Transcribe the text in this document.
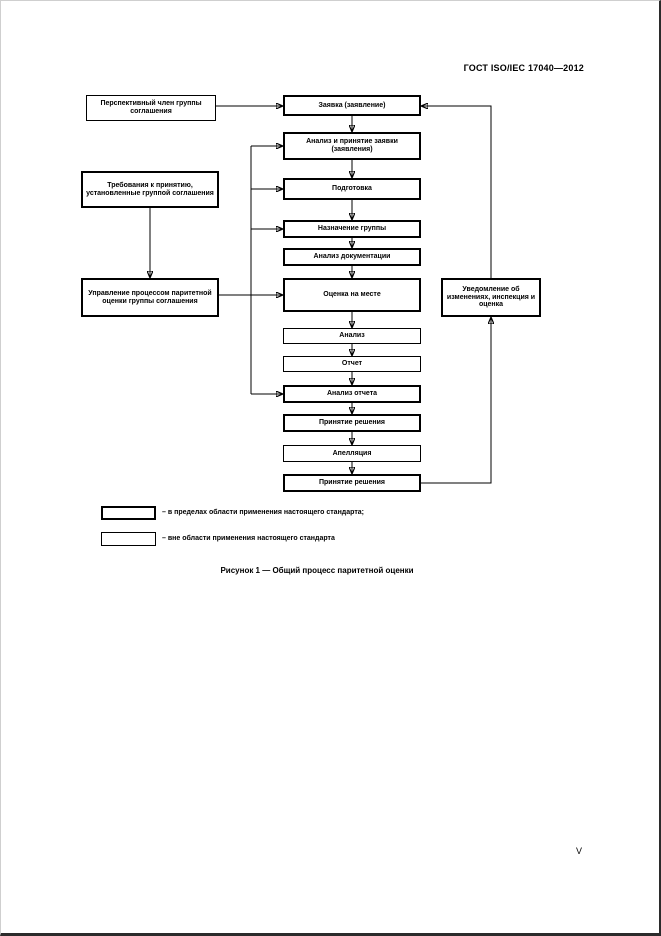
ГОСТ ISO/IEC 17040—2012
Перспективный член группы соглашения
Требования к принятию, установленные группой соглашения
Управление процессом паритетной оценки группы соглашения
Заявка (заявление)
Анализ и принятие заявки (заявления)
Подготовка
Назначение группы
Анализ документации
Оценка на месте
Анализ
Отчет
Анализ отчета
Принятие решения
Апелляция
Принятие решения
Уведомление об изменениях, инспекция и оценка
– в пределах области применения настоящего стандарта;
– вне области применения настоящего стандарта
Рисунок 1 — Общий процесс паритетной оценки
V
